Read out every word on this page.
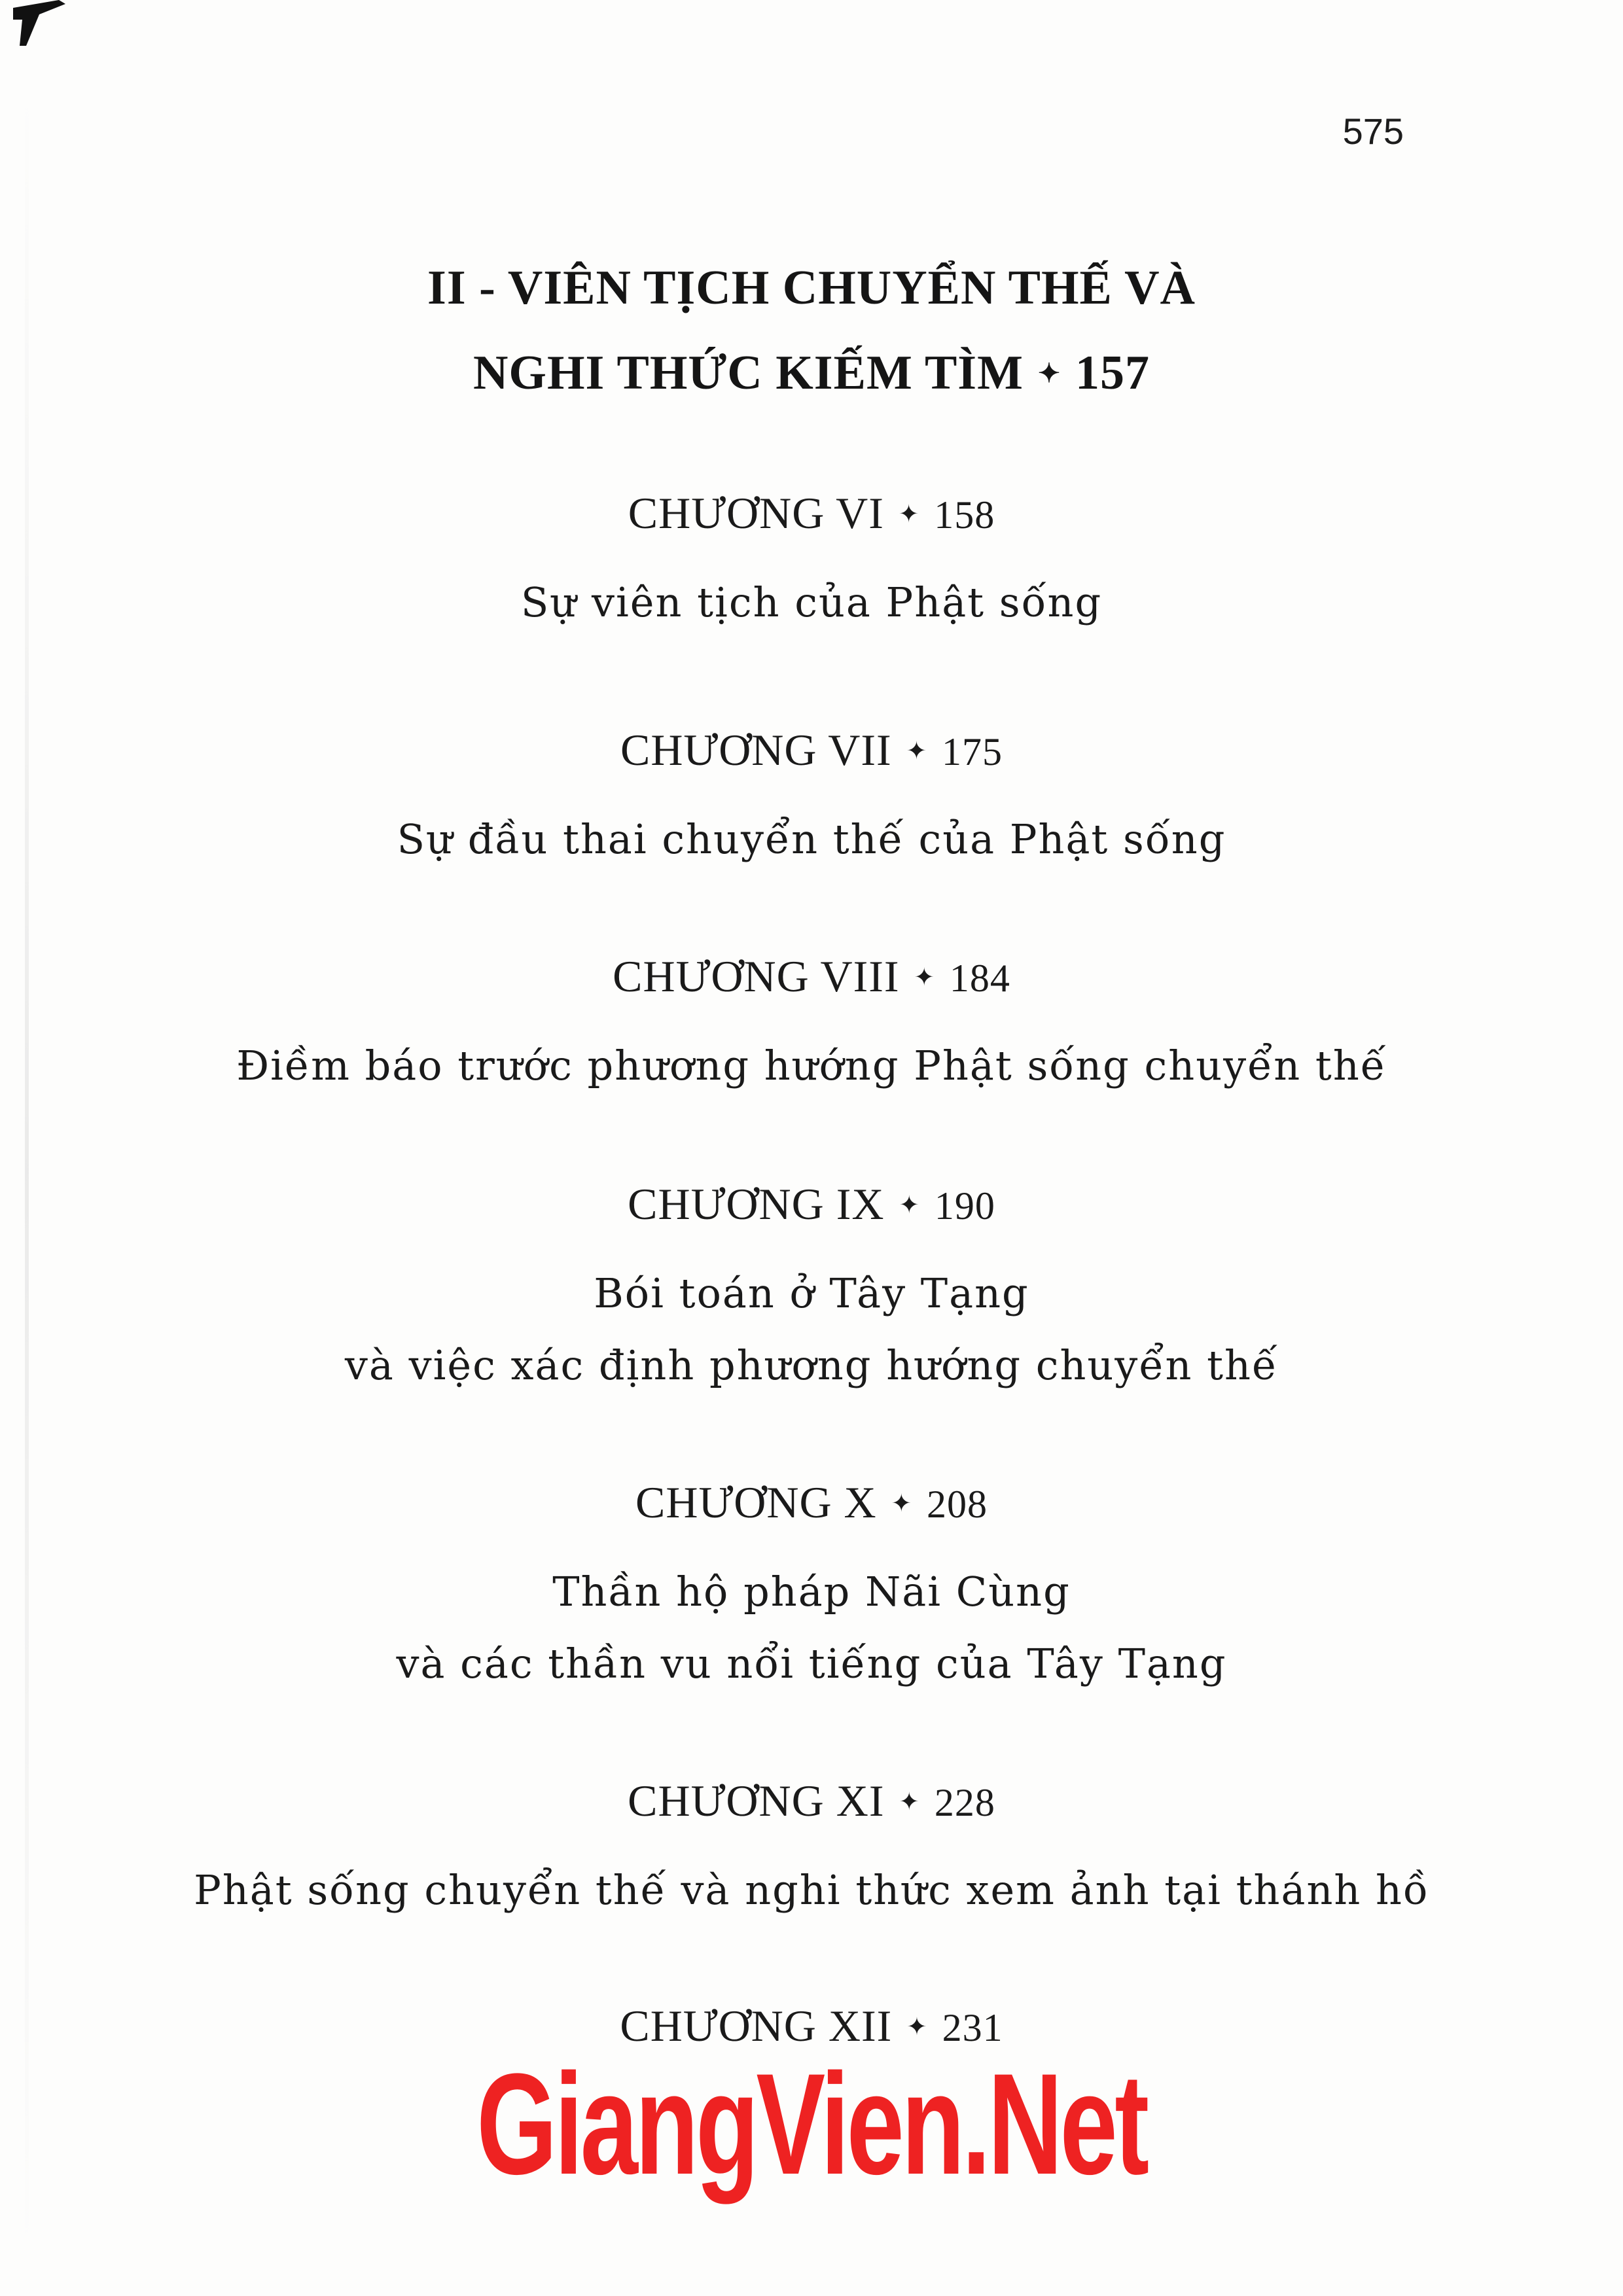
575
II - VIÊN TỊCH CHUYỂN THẾ VÀ
NGHI THỨC KIẾM TÌM ✦ 157
CHƯƠNG VI ✦ 158
Sự viên tịch của Phật sống
CHƯƠNG VII ✦ 175
Sự đầu thai chuyển thế của Phật sống
CHƯƠNG VIII ✦ 184
Điềm báo trước phương hướng Phật sống chuyển thế
CHƯƠNG IX ✦ 190
Bói toán ở Tây Tạng
và việc xác định phương hướng chuyển thế
CHƯƠNG X ✦ 208
Thần hộ pháp Nãi Cùng
và các thần vu nổi tiếng của Tây Tạng
CHƯƠNG XI ✦ 228
Phật sống chuyển thế và nghi thức xem ảnh tại thánh hồ
CHƯƠNG XII ✦ 231
GiangVien.Net
